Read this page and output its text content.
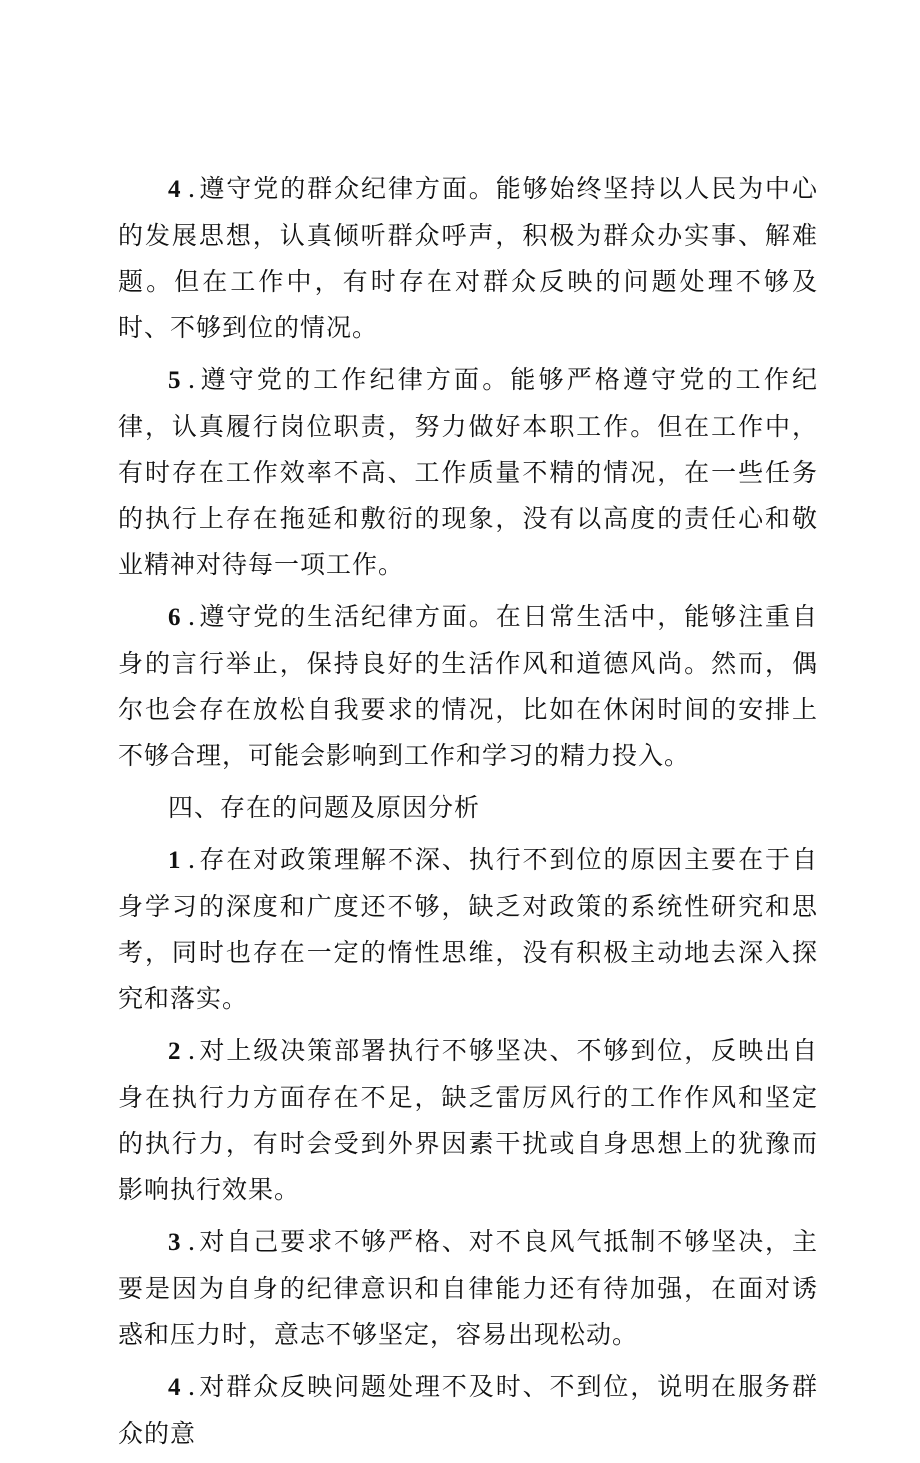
4 .遵守党的群众纪律方面。能够始终坚持以人民为中心的发展思想，认真倾听群众呼声，积极为群众办实事、解难题。但在工作中，有时存在对群众反映的问题处理不够及时、不够到位的情况。

5 .遵守党的工作纪律方面。能够严格遵守党的工作纪律，认真履行岗位职责，努力做好本职工作。但在工作中，有时存在工作效率不高、工作质量不精的情况，在一些任务的执行上存在拖延和敷衍的现象，没有以高度的责任心和敬业精神对待每一项工作。

6 .遵守党的生活纪律方面。在日常生活中，能够注重自身的言行举止，保持良好的生活作风和道德风尚。然而，偶尔也会存在放松自我要求的情况，比如在休闲时间的安排上不够合理，可能会影响到工作和学习的精力投入。

四、存在的问题及原因分析

1 .存在对政策理解不深、执行不到位的原因主要在于自身学习的深度和广度还不够，缺乏对政策的系统性研究和思考，同时也存在一定的惰性思维，没有积极主动地去深入探究和落实。

2 .对上级决策部署执行不够坚决、不够到位，反映出自身在执行力方面存在不足，缺乏雷厉风行的工作作风和坚定的执行力，有时会受到外界因素干扰或自身思想上的犹豫而影响执行效果。

3 .对自己要求不够严格、对不良风气抵制不够坚决，主要是因为自身的纪律意识和自律能力还有待加强，在面对诱惑和压力时，意志不够坚定，容易出现松动。

4 .对群众反映问题处理不及时、不到位，说明在服务群众的意
